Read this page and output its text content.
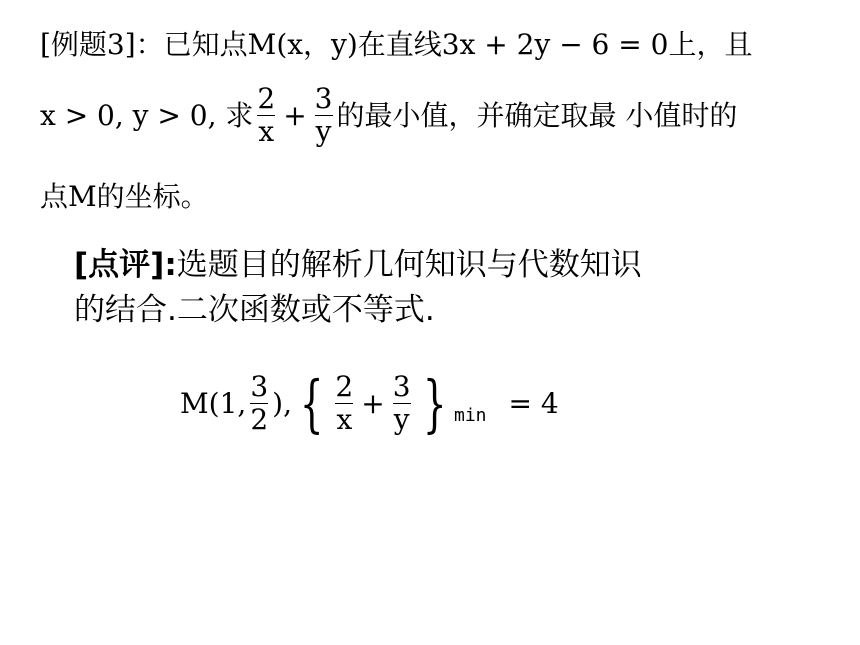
[例题3]：已知点M(x，y)在直线3x + 2y − 6 = 0上，且
x > 0, y > 0, 求 $\frac{2}{x} + \frac{3}{y}$ 的最小值，并确定取最 小值时的
点M的坐标。
[点评]:选题目的解析几何知识与代数知识
的结合.二次函数或不等式.
M(1, $\frac{3}{2}$ ), { $\frac{2}{x} + \frac{3}{y}$ } min = 4
